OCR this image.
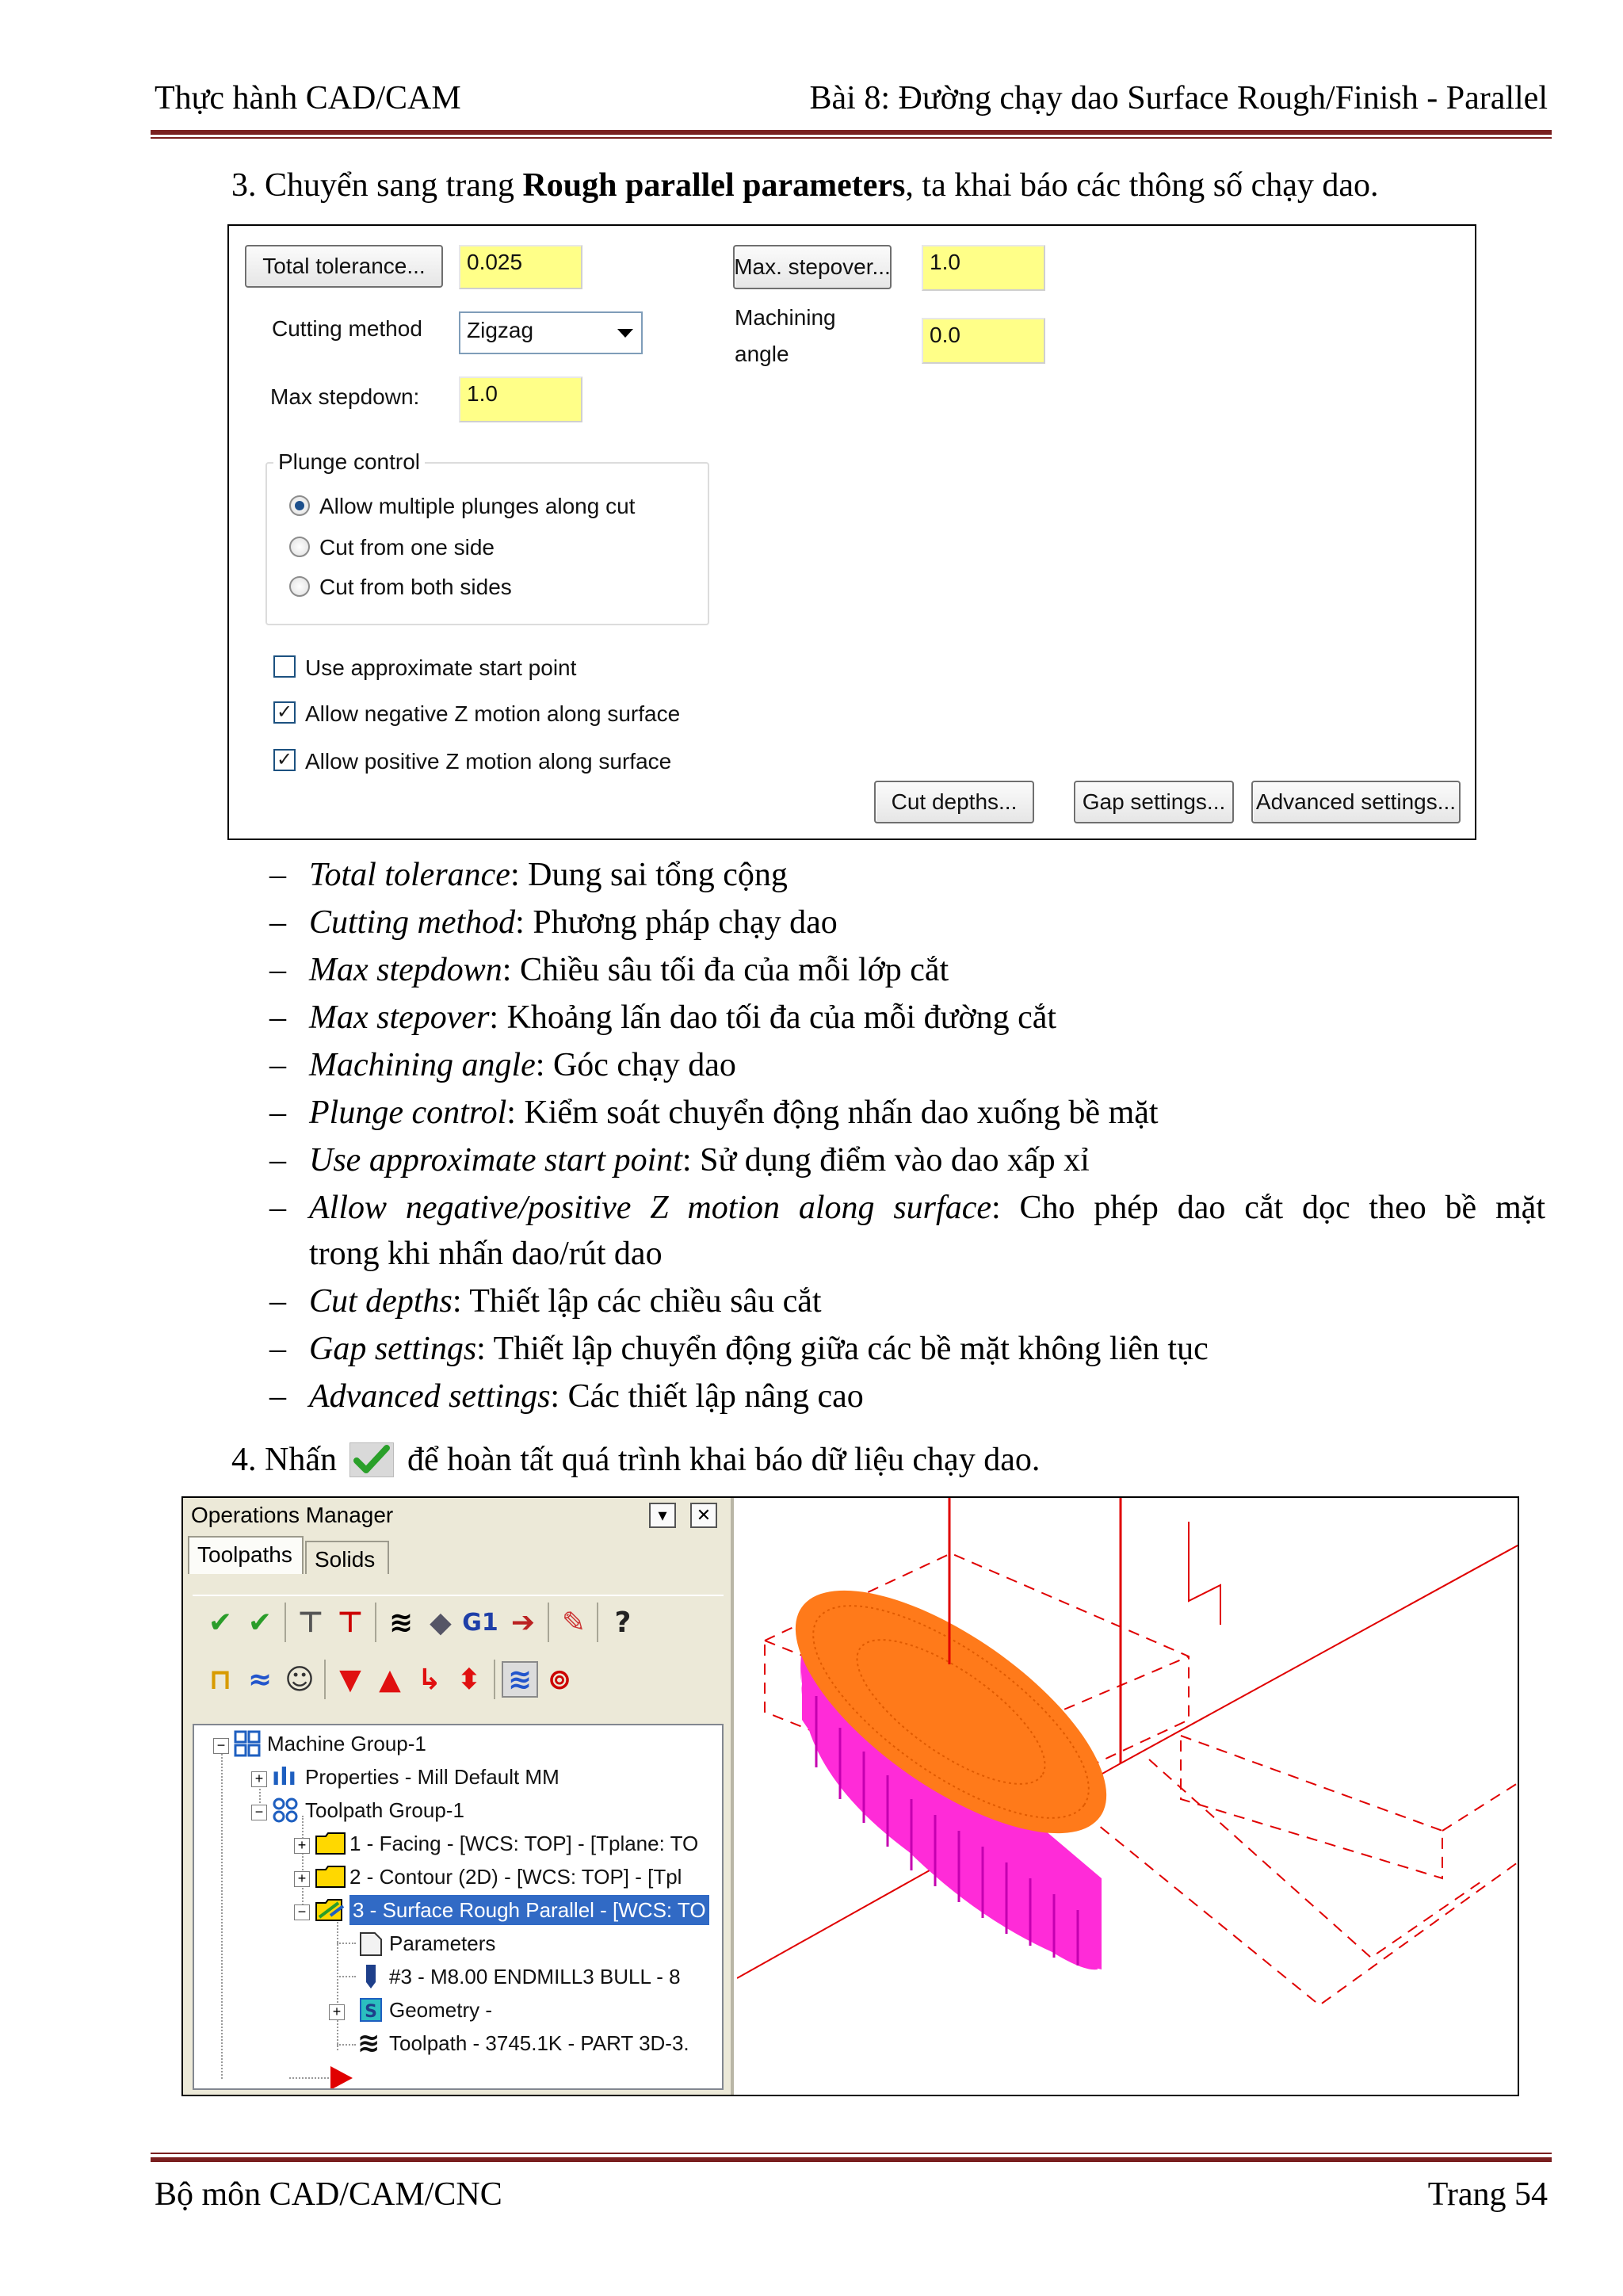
Thực hành CAD/CAM	Bài 8: Đường chạy dao Surface Rough/Finish - Parallel
3. Chuyển sang trang Rough parallel parameters, ta khai báo các thông số chạy dao.
Total tolerance...	0.025
Cutting method	Zigzag
Max stepdown:	1.0
Max. stepover...	1.0
Machining
angle
0.0
Plunge control
Allow multiple plunges along cut
Cut from one side
Cut from both sides
Use approximate start point
✓ Allow negative Z motion along surface
✓ Allow positive Z motion along surface
Cut depths...	Gap settings...	Advanced settings...
– Total tolerance: Dung sai tổng cộng
– Cutting method: Phương pháp chạy dao
– Max stepdown: Chiều sâu tối đa của mỗi lớp cắt
– Max stepover: Khoảng lấn dao tối đa của mỗi đường cắt
– Machining angle: Góc chạy dao
– Plunge control: Kiểm soát chuyển động nhấn dao xuống bề mặt
– Use approximate start point: Sử dụng điểm vào dao xấp xỉ
– Allow negative/positive Z motion along surface: Cho phép dao cắt dọc theo bề mặt
trong khi nhấn dao/rút dao
– Cut depths: Thiết lập các chiều sâu cắt
– Gap settings: Thiết lập chuyển động giữa các bề mặt không liên tục
– Advanced settings: Các thiết lập nâng cao
4. Nhấn để hoàn tất quá trình khai báo dữ liệu chạy dao.
Operations Manager	▾	✕
Toolpaths	Solids
✔ ✔ ⊤ ⊤ ≋ ◆ G1 ➔ ✎	?
⊓ ≈ ☺ ▼ ▲ ↳ ⬍ ≋ ⊚
− Machine Group-1
+ ılı Properties - Mill Default MM
− Toolpath Group-1
+ 1 - Facing - [WCS: TOP] - [Tplane: TO
+ 2 - Contour (2D) - [WCS: TOP] - [Tpl
− 3 - Surface Rough Parallel - [WCS: TO
Parameters
#3 - M8.00 ENDMILL3 BULL - 8
+ S Geometry -
≋ Toolpath - 3745.1K - PART 3D-3.
Bộ môn CAD/CAM/CNC	Trang 54
